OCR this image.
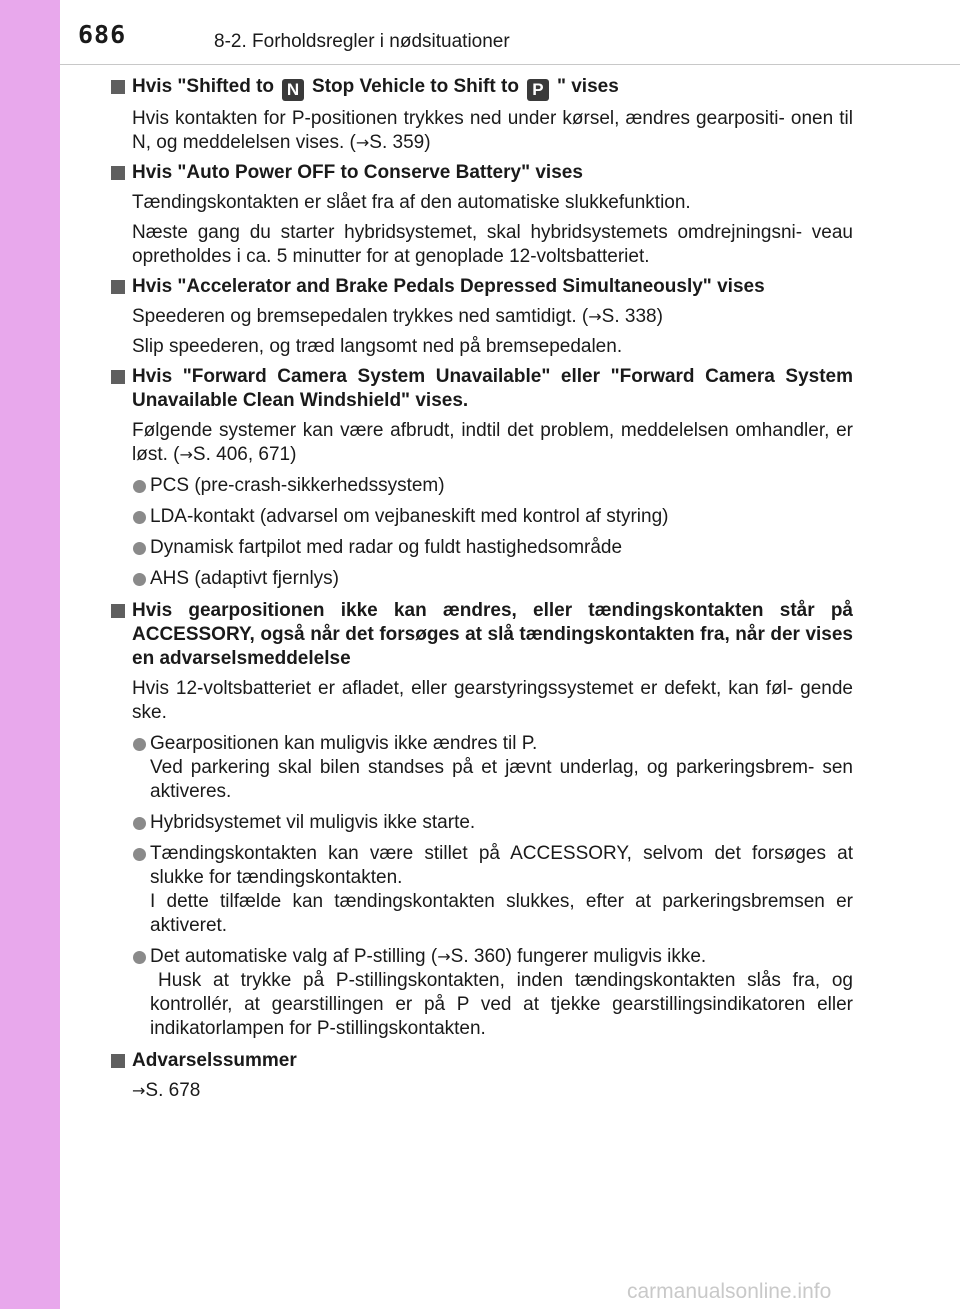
686	8-2. Forholdsregler i nødsituationer
Hvis "Shifted to N Stop Vehicle to Shift to P " vises
Hvis kontakten for P-positionen trykkes ned under kørsel, ændres gearpositi- onen til N, og meddelelsen vises. (→S. 359)
Hvis "Auto Power OFF to Conserve Battery" vises
Tændingskontakten er slået fra af den automatiske slukkefunktion.
Næste gang du starter hybridsystemet, skal hybridsystemets omdrejningsni- veau opretholdes i ca. 5 minutter for at genoplade 12-voltsbatteriet.
Hvis "Accelerator and Brake Pedals Depressed Simultaneously" vises
Speederen og bremsepedalen trykkes ned samtidigt. (→S. 338)
Slip speederen, og træd langsomt ned på bremsepedalen.
Hvis "Forward Camera System Unavailable" eller "Forward Camera System Unavailable Clean Windshield" vises.
Følgende systemer kan være afbrudt, indtil det problem, meddelelsen omhandler, er løst. (→S. 406, 671)
PCS (pre-crash-sikkerhedssystem)
LDA-kontakt (advarsel om vejbaneskift med kontrol af styring)
Dynamisk fartpilot med radar og fuldt hastighedsområde
AHS (adaptivt fjernlys)
Hvis gearpositionen ikke kan ændres, eller tændingskontakten står på ACCESSORY, også når det forsøges at slå tændingskontakten fra, når der vises en advarselsmeddelelse
Hvis 12-voltsbatteriet er afladet, eller gearstyringssystemet er defekt, kan føl- gende ske.
Gearpositionen kan muligvis ikke ændres til P.
Ved parkering skal bilen standses på et jævnt underlag, og parkeringsbrem- sen aktiveres.
Hybridsystemet vil muligvis ikke starte.
Tændingskontakten kan være stillet på ACCESSORY, selvom det forsøges at slukke for tændingskontakten.
I dette tilfælde kan tændingskontakten slukkes, efter at parkeringsbremsen er aktiveret.
Det automatiske valg af P-stilling (→S. 360) fungerer muligvis ikke.
Husk at trykke på P-stillingskontakten, inden tændingskontakten slås fra, og kontrollér, at gearstillingen er på P ved at tjekke gearstillingsindikatoren eller indikatorlampen for P-stillingskontakten.
Advarselssummer
→S. 678
carmanualsonline.info
